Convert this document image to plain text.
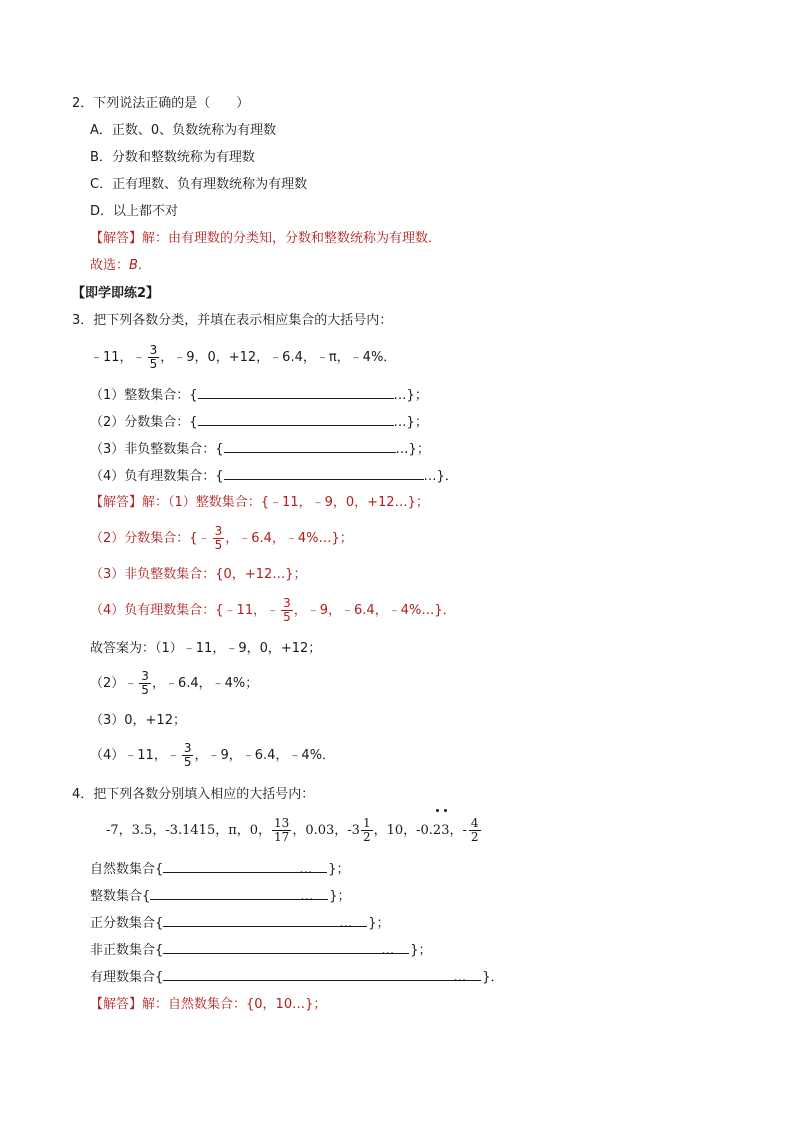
2．下列说法正确的是（　　）
A．正数、0、负数统称为有理数
B．分数和整数统称为有理数
C．正有理数、负有理数统称为有理数
D．以上都不对
【解答】解：由有理数的分类知，分数和整数统称为有理数．
故选：B．
【即学即练2】
3．把下列各数分类，并填在表示相应集合的大括号内：
﹣11，﹣ $\frac{3}{5}$ ，﹣9，0，+12，﹣6.4，﹣π，﹣4%．
（1）整数集合：{	…}；
（2）分数集合：{	…}；
（3）非负整数集合：{	…}；
（4）负有理数集合：{	…}．
【解答】解：（1）整数集合：{﹣11，﹣9，0，+12…}；
（2）分数集合：{﹣ $\frac{3}{5}$ ，﹣6.4，﹣4%…}；
（3）非负整数集合：{0，+12…}；
（4）负有理数集合：{﹣11，﹣ $\frac{3}{5}$ ，﹣9，﹣6.4，﹣4%…}．
故答案为：（1）﹣11，﹣9，0，+12；
（2）﹣ $\frac{3}{5}$ ，﹣6.4，﹣4%；
（3）0，+12；
（4）﹣11，﹣ $\frac{3}{5}$ ，﹣9，﹣6.4，﹣4%．
4．把下列各数分别填入相应的大括号内：
-7，3.5，-3.1415，π，0， $\frac{13}{17}$ ，0.03，$-3 \frac{1}{2}$ ，10，-0.23，- $\frac{4}{2}$
自然数集合{	… }；
整数集合{	… }；
正分数集合{	… }；
非正数集合{	… }；
有理数集合{	… }．
【解答】解：自然数集合：{0，10…}；
